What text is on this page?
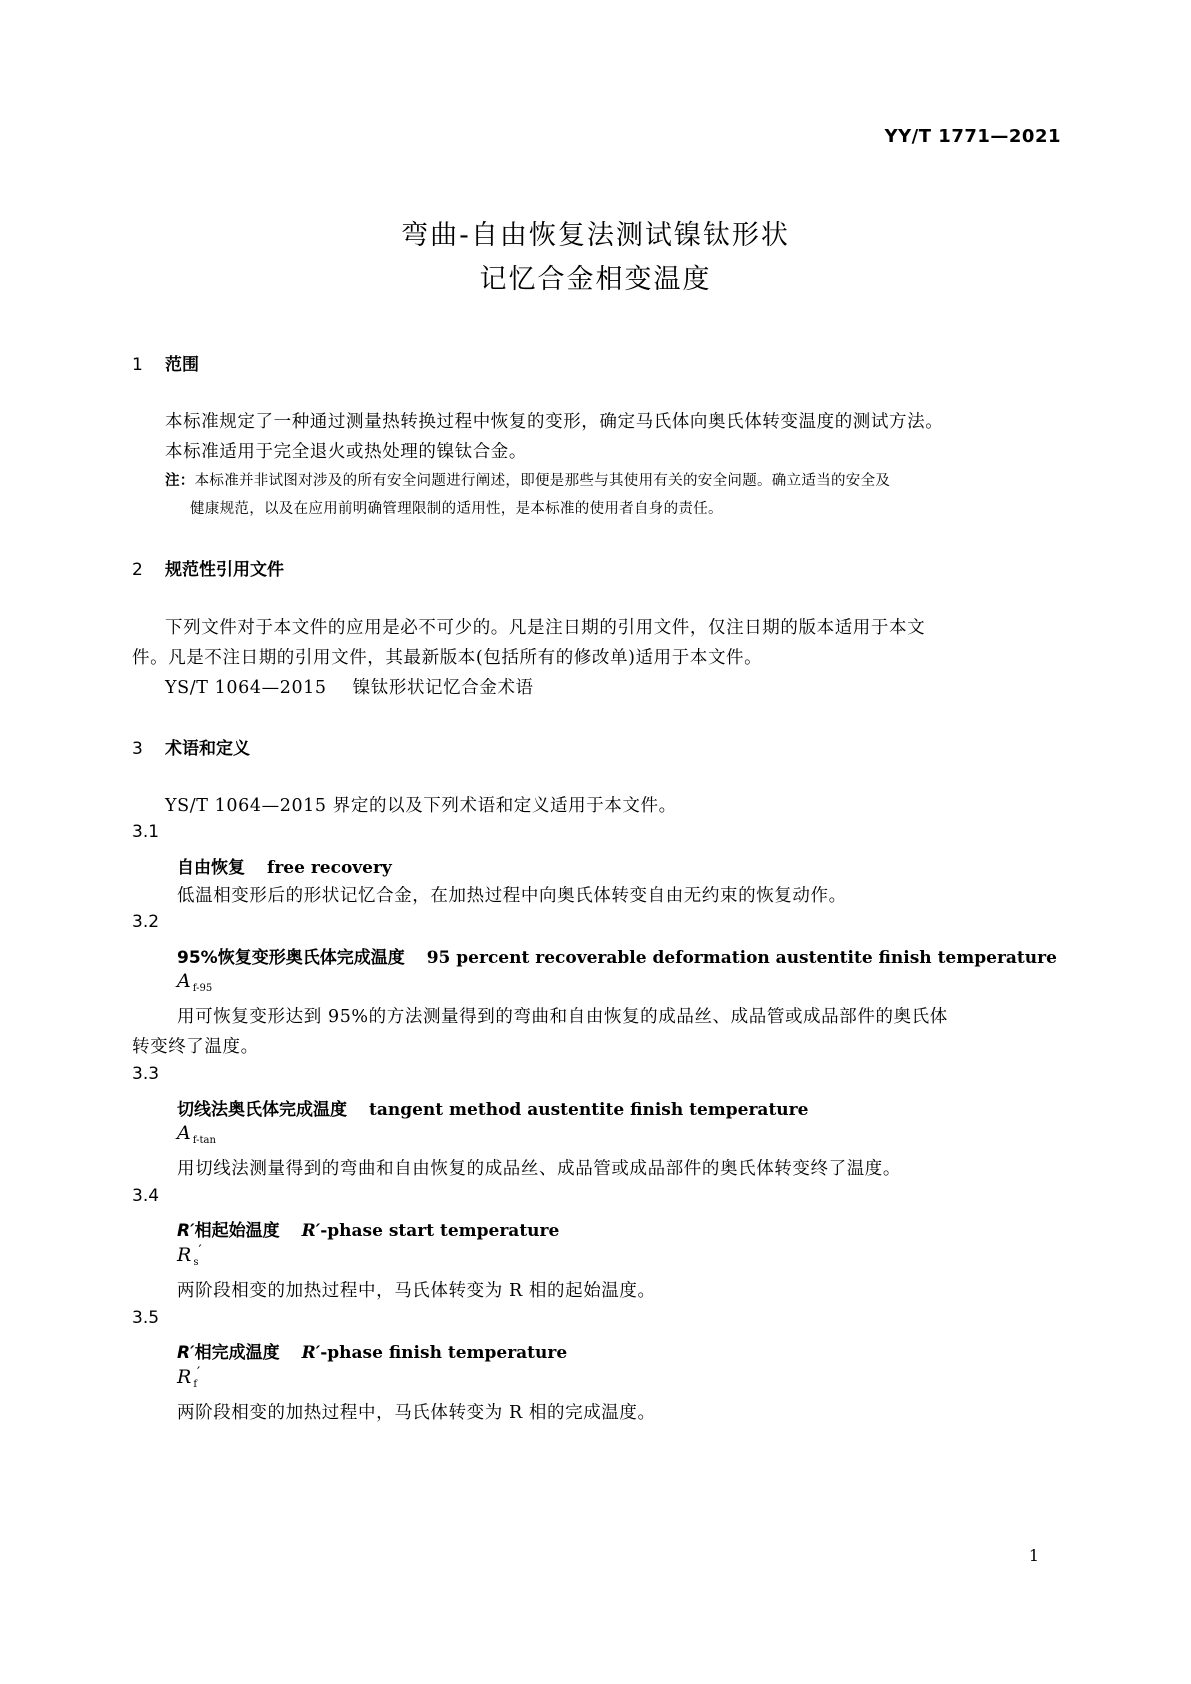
YY/T 1771—2021
弯曲-自由恢复法测试镍钛形状
记忆合金相变温度
1 范围
本标准规定了一种通过测量热转换过程中恢复的变形，确定马氏体向奥氏体转变温度的测试方法。
本标准适用于完全退火或热处理的镍钛合金。
注：本标准并非试图对涉及的所有安全问题进行阐述，即便是那些与其使用有关的安全问题。确立适当的安全及
健康规范，以及在应用前明确管理限制的适用性，是本标准的使用者自身的责任。
2 规范性引用文件
下列文件对于本文件的应用是必不可少的。凡是注日期的引用文件，仅注日期的版本适用于本文
件。凡是不注日期的引用文件，其最新版本(包括所有的修改单)适用于本文件。
YS/T 1064—2015 镍钛形状记忆合金术语
3 术语和定义
YS/T 1064—2015 界定的以及下列术语和定义适用于本文件。
3.1
自由恢复 free recovery
低温相变形后的形状记忆合金，在加热过程中向奥氏体转变自由无约束的恢复动作。
3.2
95%恢复变形奥氏体完成温度 95 percent recoverable deformation austentite finish temperature
A $_{f-95}$
用可恢复变形达到 95%的方法测量得到的弯曲和自由恢复的成品丝、成品管或成品部件的奥氏体
转变终了温度。
3.3
切线法奥氏体完成温度 tangent method austentite finish temperature
A $_{f-tan}$
用切线法测量得到的弯曲和自由恢复的成品丝、成品管或成品部件的奥氏体转变终了温度。
3.4
R′相起始温度 R′-phase start temperature
R $_s$′
两阶段相变的加热过程中，马氏体转变为 R 相的起始温度。
3.5
R′相完成温度 R′-phase finish temperature
R $_f$′
两阶段相变的加热过程中，马氏体转变为 R 相的完成温度。
1
